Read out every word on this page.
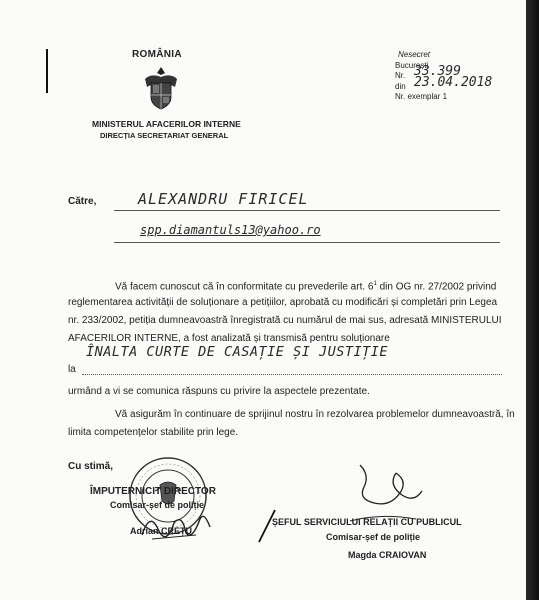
ROMÂNIA
MINISTERUL AFACERILOR INTERNE
DIRECȚIA SECRETARIAT GENERAL
Nesecret
București
Nr. 33.399
din 23.04.2018
Nr. exemplar 1
Către,	ALEXANDRU FIRICEL
spp.diamantuls13@yahoo.ro
Vă facem cunoscut că în conformitate cu prevederile art. $6^1$ din OG nr. 27/2002 privind
reglementarea activității de soluționare a petițiilor, aprobată cu modificări și completări prin Legea
nr. 233/2002, petiția dumneavoastră înregistrată cu numărul de mai sus, adresată MINISTERULUI
AFACERILOR INTERNE, a fost analizată și transmisă pentru soluționare
la
ÎNALTA CURTE DE CASAȚIE ȘI JUSTIȚIE
urmând a vi se comunica răspuns cu privire la aspectele prezentate.
Vă asigurăm în continuare de sprijinul nostru în rezolvarea problemelor dumneavoastră, în
limita competențelor stabilite prin lege.
Cu stimă,
ÎMPUTERNICIT DIRECTOR
Comisar-șef de poliție
Adrian CREȚU
ȘEFUL SERVICIULUI RELAȚII CU PUBLICUL
Comisar-șef de poliție
Magda CRAIOVAN
